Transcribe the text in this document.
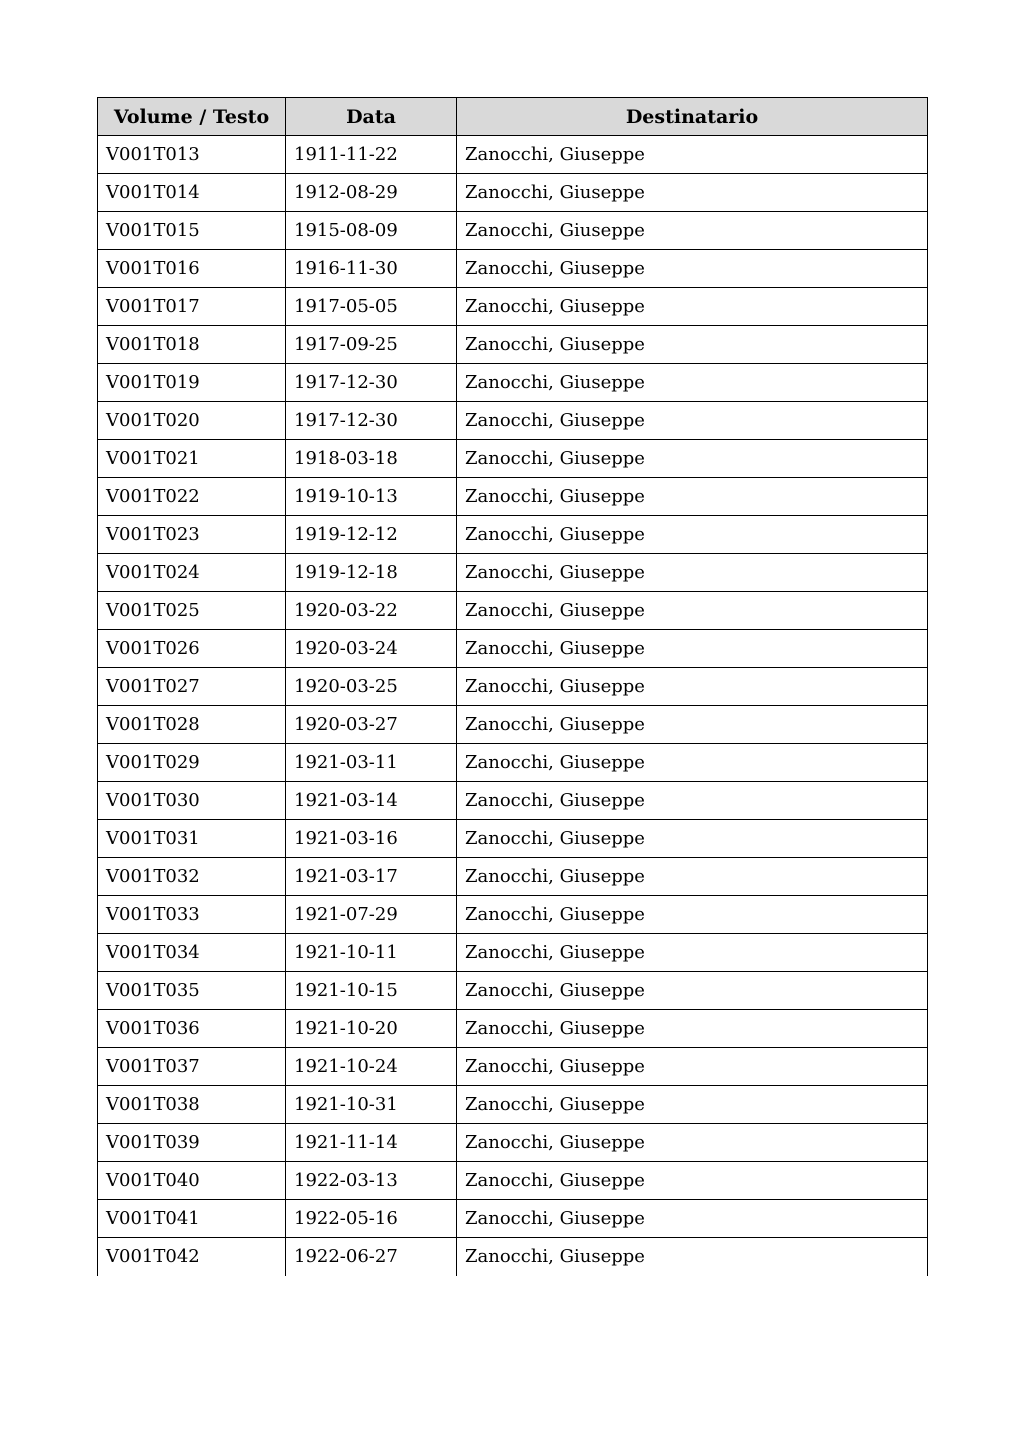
Volume / Testo	Data	Destinatario
V001T013	1911-11-22	Zanocchi, Giuseppe
V001T014	1912-08-29	Zanocchi, Giuseppe
V001T015	1915-08-09	Zanocchi, Giuseppe
V001T016	1916-11-30	Zanocchi, Giuseppe
V001T017	1917-05-05	Zanocchi, Giuseppe
V001T018	1917-09-25	Zanocchi, Giuseppe
V001T019	1917-12-30	Zanocchi, Giuseppe
V001T020	1917-12-30	Zanocchi, Giuseppe
V001T021	1918-03-18	Zanocchi, Giuseppe
V001T022	1919-10-13	Zanocchi, Giuseppe
V001T023	1919-12-12	Zanocchi, Giuseppe
V001T024	1919-12-18	Zanocchi, Giuseppe
V001T025	1920-03-22	Zanocchi, Giuseppe
V001T026	1920-03-24	Zanocchi, Giuseppe
V001T027	1920-03-25	Zanocchi, Giuseppe
V001T028	1920-03-27	Zanocchi, Giuseppe
V001T029	1921-03-11	Zanocchi, Giuseppe
V001T030	1921-03-14	Zanocchi, Giuseppe
V001T031	1921-03-16	Zanocchi, Giuseppe
V001T032	1921-03-17	Zanocchi, Giuseppe
V001T033	1921-07-29	Zanocchi, Giuseppe
V001T034	1921-10-11	Zanocchi, Giuseppe
V001T035	1921-10-15	Zanocchi, Giuseppe
V001T036	1921-10-20	Zanocchi, Giuseppe
V001T037	1921-10-24	Zanocchi, Giuseppe
V001T038	1921-10-31	Zanocchi, Giuseppe
V001T039	1921-11-14	Zanocchi, Giuseppe
V001T040	1922-03-13	Zanocchi, Giuseppe
V001T041	1922-05-16	Zanocchi, Giuseppe
V001T042	1922-06-27	Zanocchi, Giuseppe
